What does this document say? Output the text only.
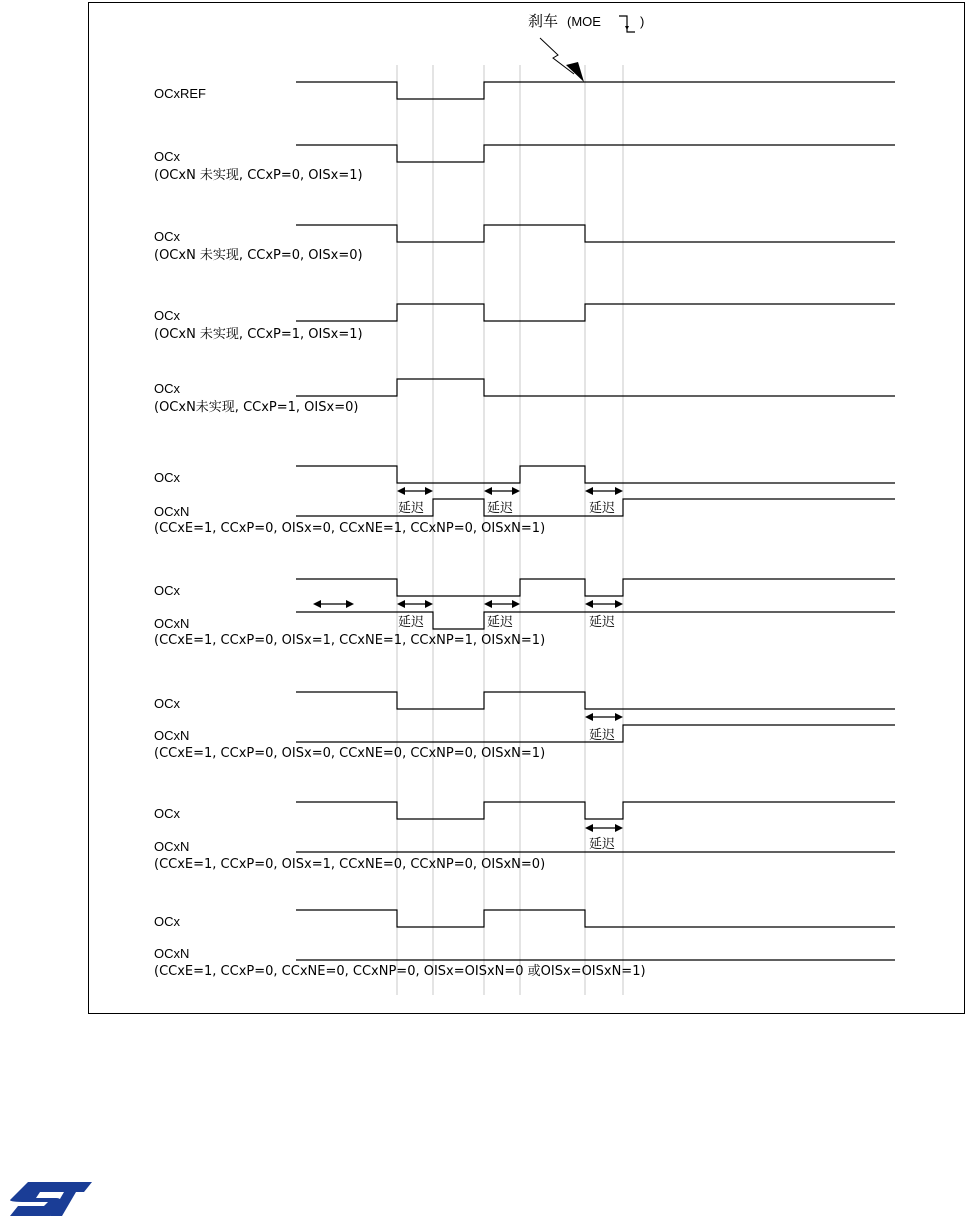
刹车 (MOE	)
OCxREF
OCx
(OCxN 未实现, CCxP=0, OISx=1)
OCx
(OCxN 未实现, CCxP=0, OISx=0)
OCx
(OCxN 未实现, CCxP=1, OISx=1)
OCx
(OCxN未实现, CCxP=1, OISx=0)
OCx
OCxN
(CCxE=1, CCxP=0, OISx=0, CCxNE=1, CCxNP=0, OISxN=1)
延迟	延迟	延迟
OCx
OCxN
(CCxE=1, CCxP=0, OISx=1, CCxNE=1, CCxNP=1, OISxN=1)
延迟	延迟	延迟
OCx
OCxN
(CCxE=1, CCxP=0, OISx=0, CCxNE=0, CCxNP=0, OISxN=1)
延迟
OCx
OCxN
(CCxE=1, CCxP=0, OISx=1, CCxNE=0, CCxNP=0, OISxN=0)
延迟
OCx
OCxN
(CCxE=1, CCxP=0, CCxNE=0, CCxNP=0, OISx=OISxN=0 或OISx=OISxN=1)
